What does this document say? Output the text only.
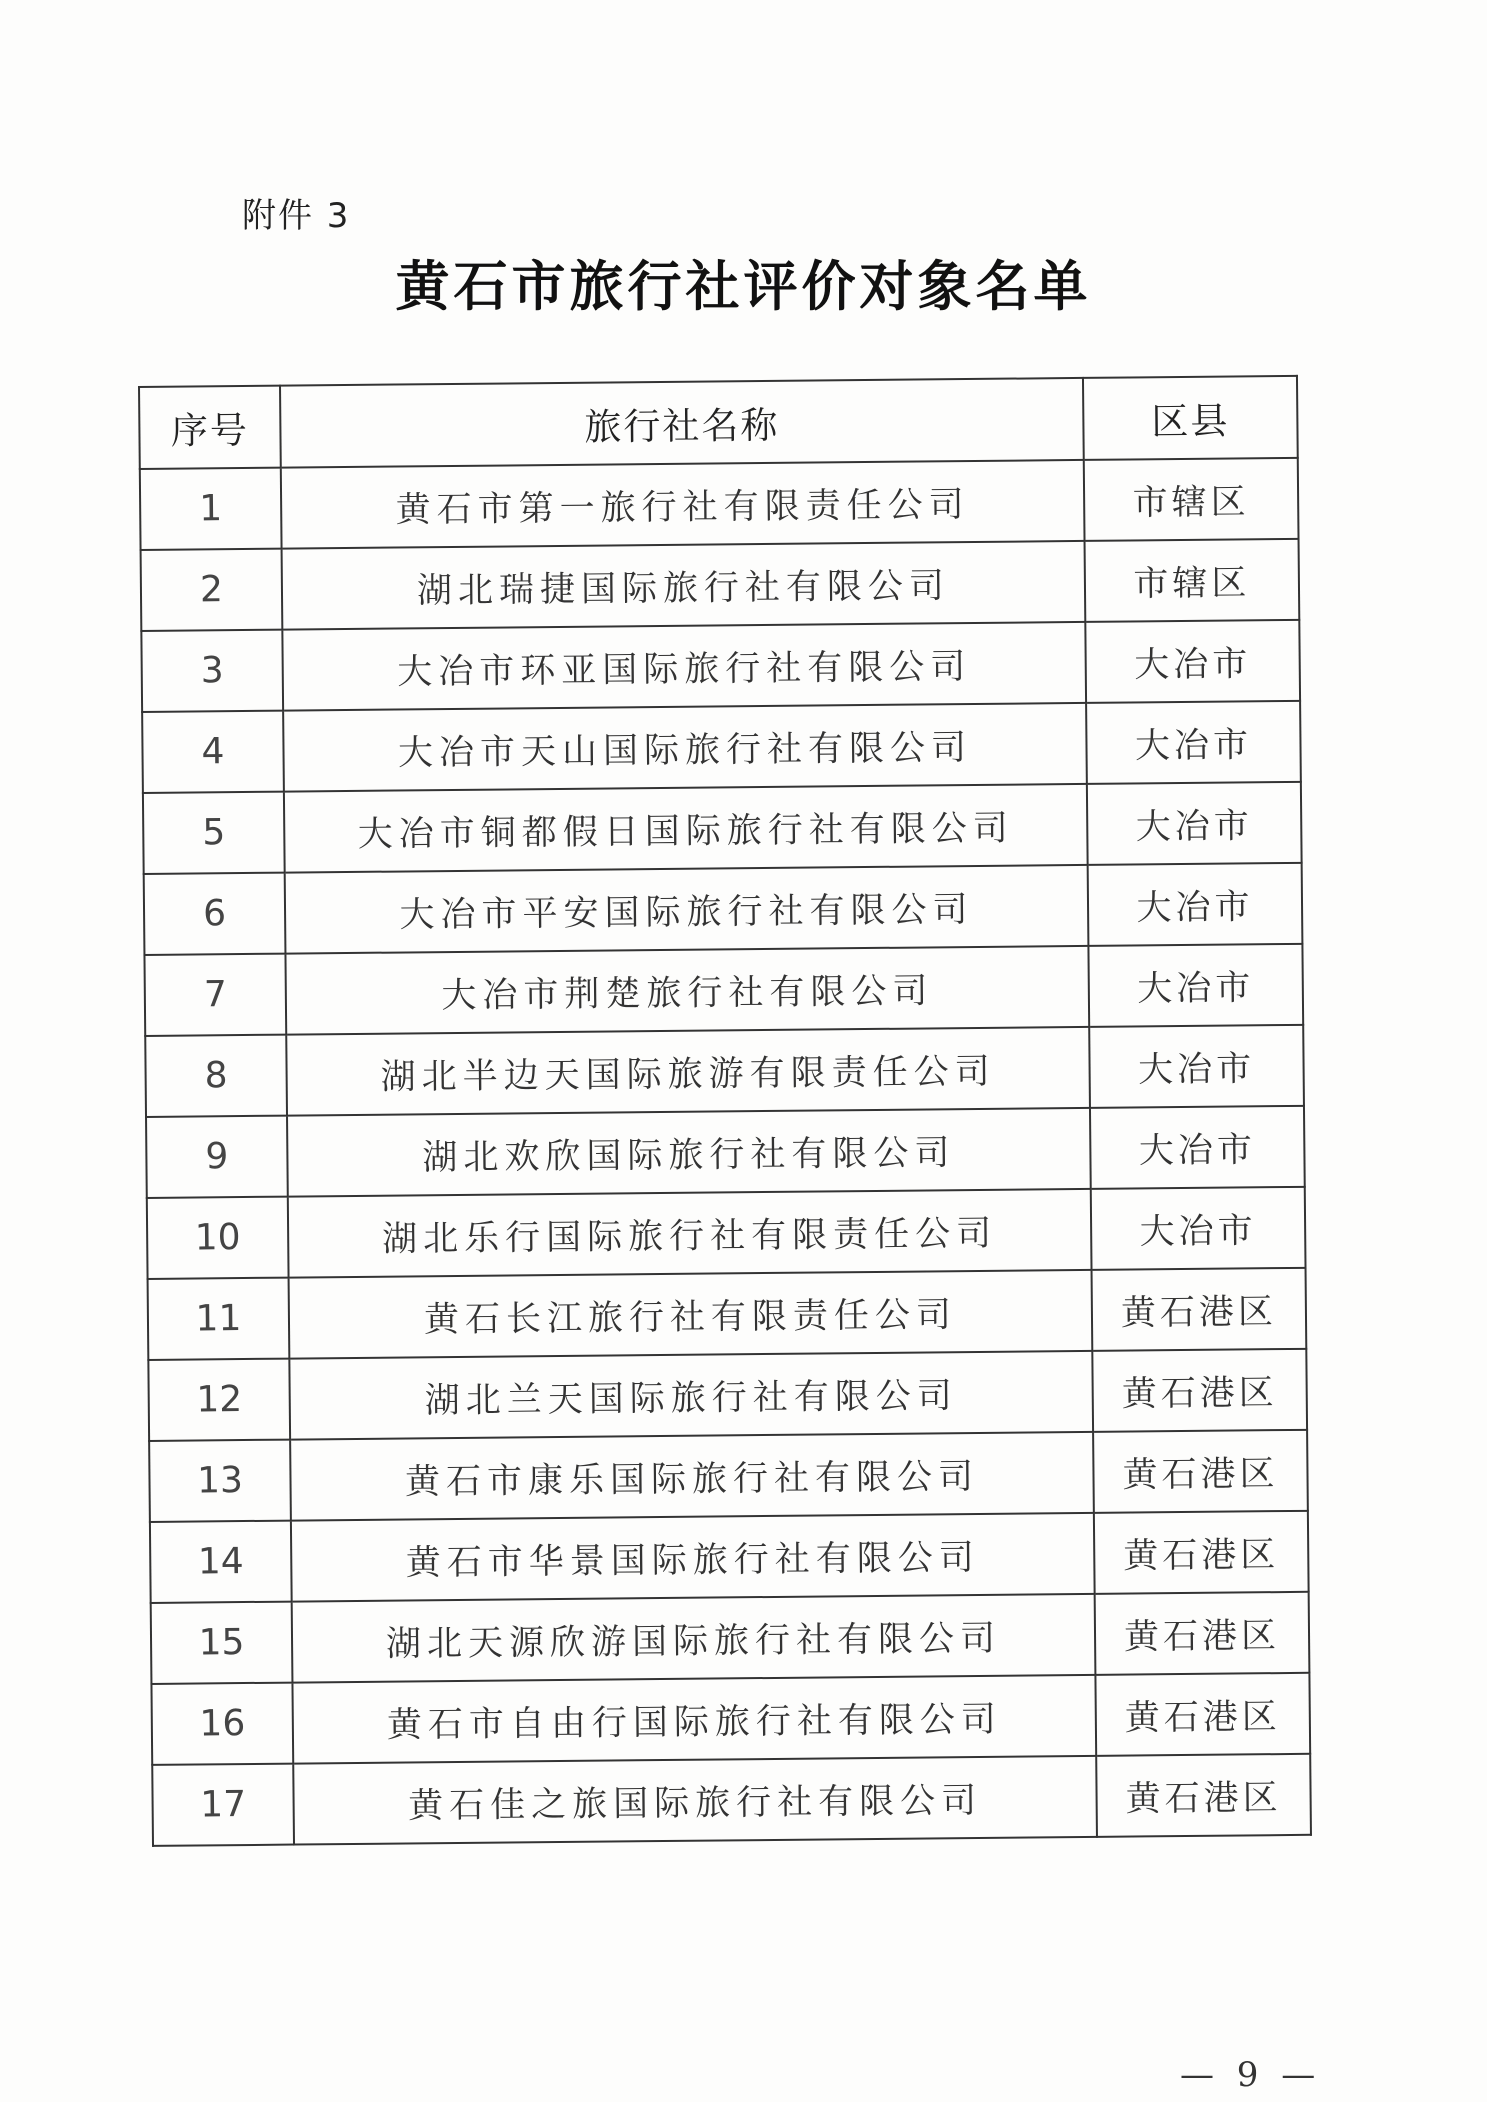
附件 3
黄石市旅行社评价对象名单
序号	旅行社名称	区县
1	黄石市第一旅行社有限责任公司	市辖区
2	湖北瑞捷国际旅行社有限公司	市辖区
3	大冶市环亚国际旅行社有限公司	大冶市
4	大冶市天山国际旅行社有限公司	大冶市
5	大冶市铜都假日国际旅行社有限公司	大冶市
6	大冶市平安国际旅行社有限公司	大冶市
7	大冶市荆楚旅行社有限公司	大冶市
8	湖北半边天国际旅游有限责任公司	大冶市
9	湖北欢欣国际旅行社有限公司	大冶市
10	湖北乐行国际旅行社有限责任公司	大冶市
11	黄石长江旅行社有限责任公司	黄石港区
12	湖北兰天国际旅行社有限公司	黄石港区
13	黄石市康乐国际旅行社有限公司	黄石港区
14	黄石市华景国际旅行社有限公司	黄石港区
15	湖北天源欣游国际旅行社有限公司	黄石港区
16	黄石市自由行国际旅行社有限公司	黄石港区
17	黄石佳之旅国际旅行社有限公司	黄石港区
— 9 —
